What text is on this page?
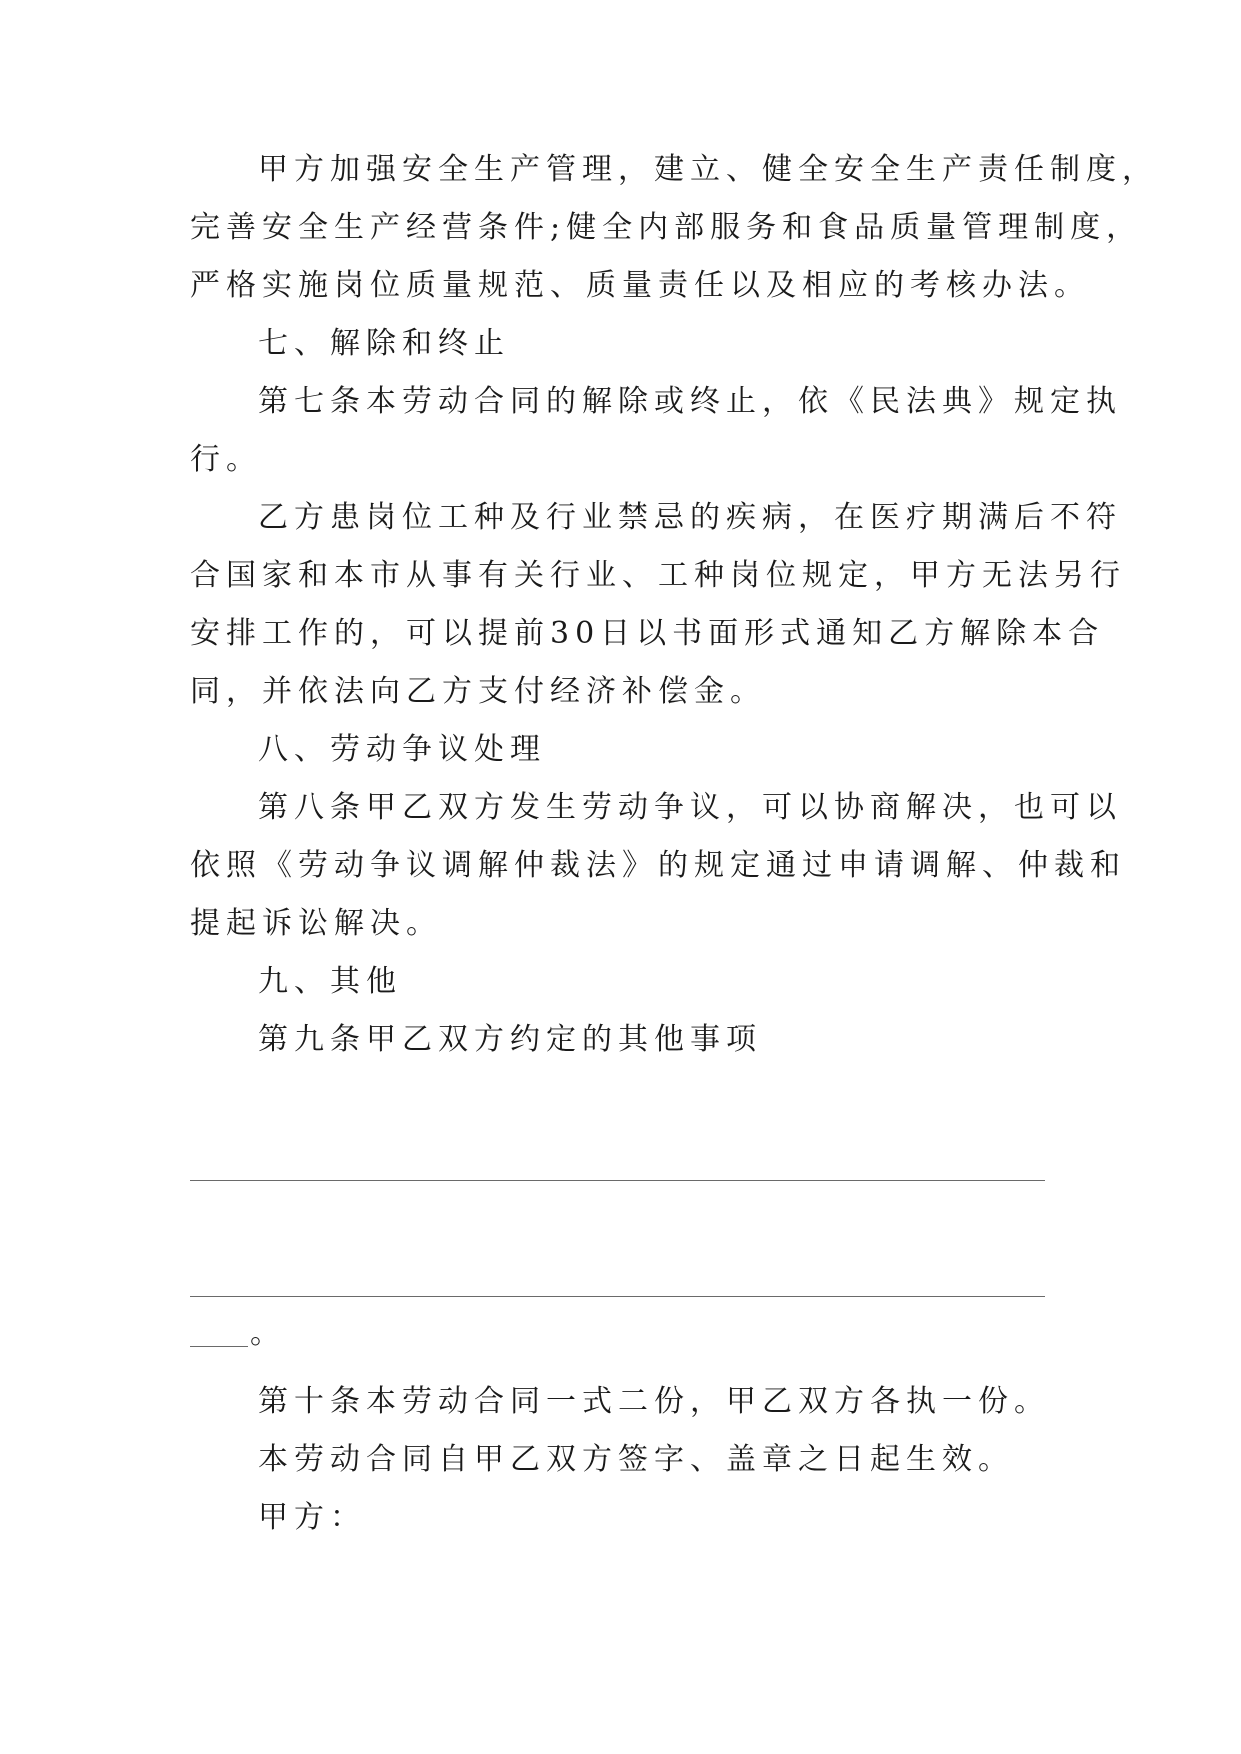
甲方加强安全生产管理，建立、健全安全生产责任制度，
完善安全生产经营条件;健全内部服务和食品质量管理制度，
严格实施岗位质量规范、质量责任以及相应的考核办法。
七、解除和终止
第七条本劳动合同的解除或终止，依《民法典》规定执
行。
乙方患岗位工种及行业禁忌的疾病，在医疗期满后不符
合国家和本市从事有关行业、工种岗位规定，甲方无法另行
安排工作的，可以提前30日以书面形式通知乙方解除本合
同，并依法向乙方支付经济补偿金。
八、劳动争议处理
第八条甲乙双方发生劳动争议，可以协商解决，也可以
依照《劳动争议调解仲裁法》的规定通过申请调解、仲裁和
提起诉讼解决。
九、其他
第九条甲乙双方约定的其他事项
。
第十条本劳动合同一式二份，甲乙双方各执一份。
本劳动合同自甲乙双方签字、盖章之日起生效。
甲方：
